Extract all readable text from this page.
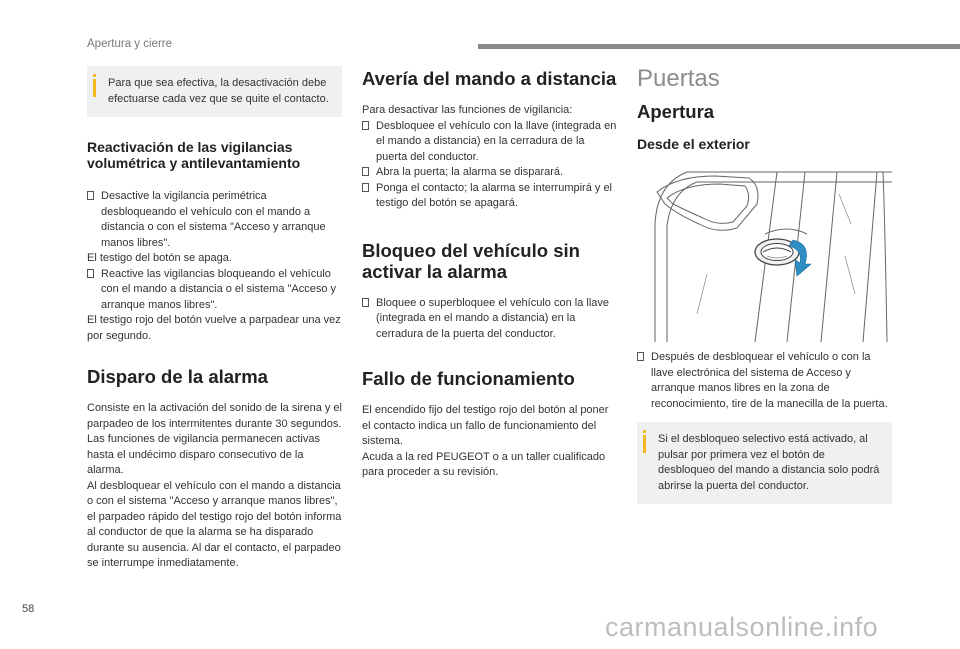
Apertura y cierre
Para que sea efectiva, la desactivación debe efectuarse cada vez que se quite el contacto.
Reactivación de las vigilancias volumétrica y antilevantamiento
Desactive la vigilancia perimétrica desbloqueando el vehículo con el mando a distancia o con el sistema "Acceso y arranque manos libres".

El testigo del botón se apaga.

Reactive las vigilancias bloqueando el vehículo con el mando a distancia o el sistema "Acceso y arranque manos libres".

El testigo rojo del botón vuelve a parpadear una vez por segundo.

Disparo de la alarma

Consiste en la activación del sonido de la sirena y el parpadeo de los intermitentes durante 30 segundos.

Las funciones de vigilancia permanecen activas hasta el undécimo disparo consecutivo de la alarma.

Al desbloquear el vehículo con el mando a distancia o con el sistema "Acceso y arranque manos libres", el parpadeo rápido del testigo rojo del botón informa al conductor de que la alarma se ha disparado durante su ausencia. Al dar el contacto, el parpadeo se interrumpe inmediatamente.

Avería del mando a distancia

Para desactivar las funciones de vigilancia:

Desbloquee el vehículo con la llave (integrada en el mando a distancia) en la cerradura de la puerta del conductor.
Abra la puerta; la alarma se disparará.
Ponga el contacto; la alarma se interrumpirá y el testigo del botón se apagará.
Bloqueo del vehículo sin activar la alarma
Bloquee o superbloquee el vehículo con la llave (integrada en el mando a distancia) en la cerradura de la puerta del conductor.
Fallo de funcionamiento

El encendido fijo del testigo rojo del botón al poner el contacto indica un fallo de funcionamiento del sistema.

Acuda a la red PEUGEOT o a un taller cualificado para proceder a su revisión.

Puertas
Apertura
Desde el exterior
Después de desbloquear el vehículo o con la llave electrónica del sistema de Acceso y arranque manos libres en la zona de reconocimiento, tire de la manecilla de la puerta.
Si el desbloqueo selectivo está activado, al pulsar por primera vez el botón de desbloqueo del mando a distancia solo podrá abrirse la puerta del conductor.
58
carmanualsonline.info
